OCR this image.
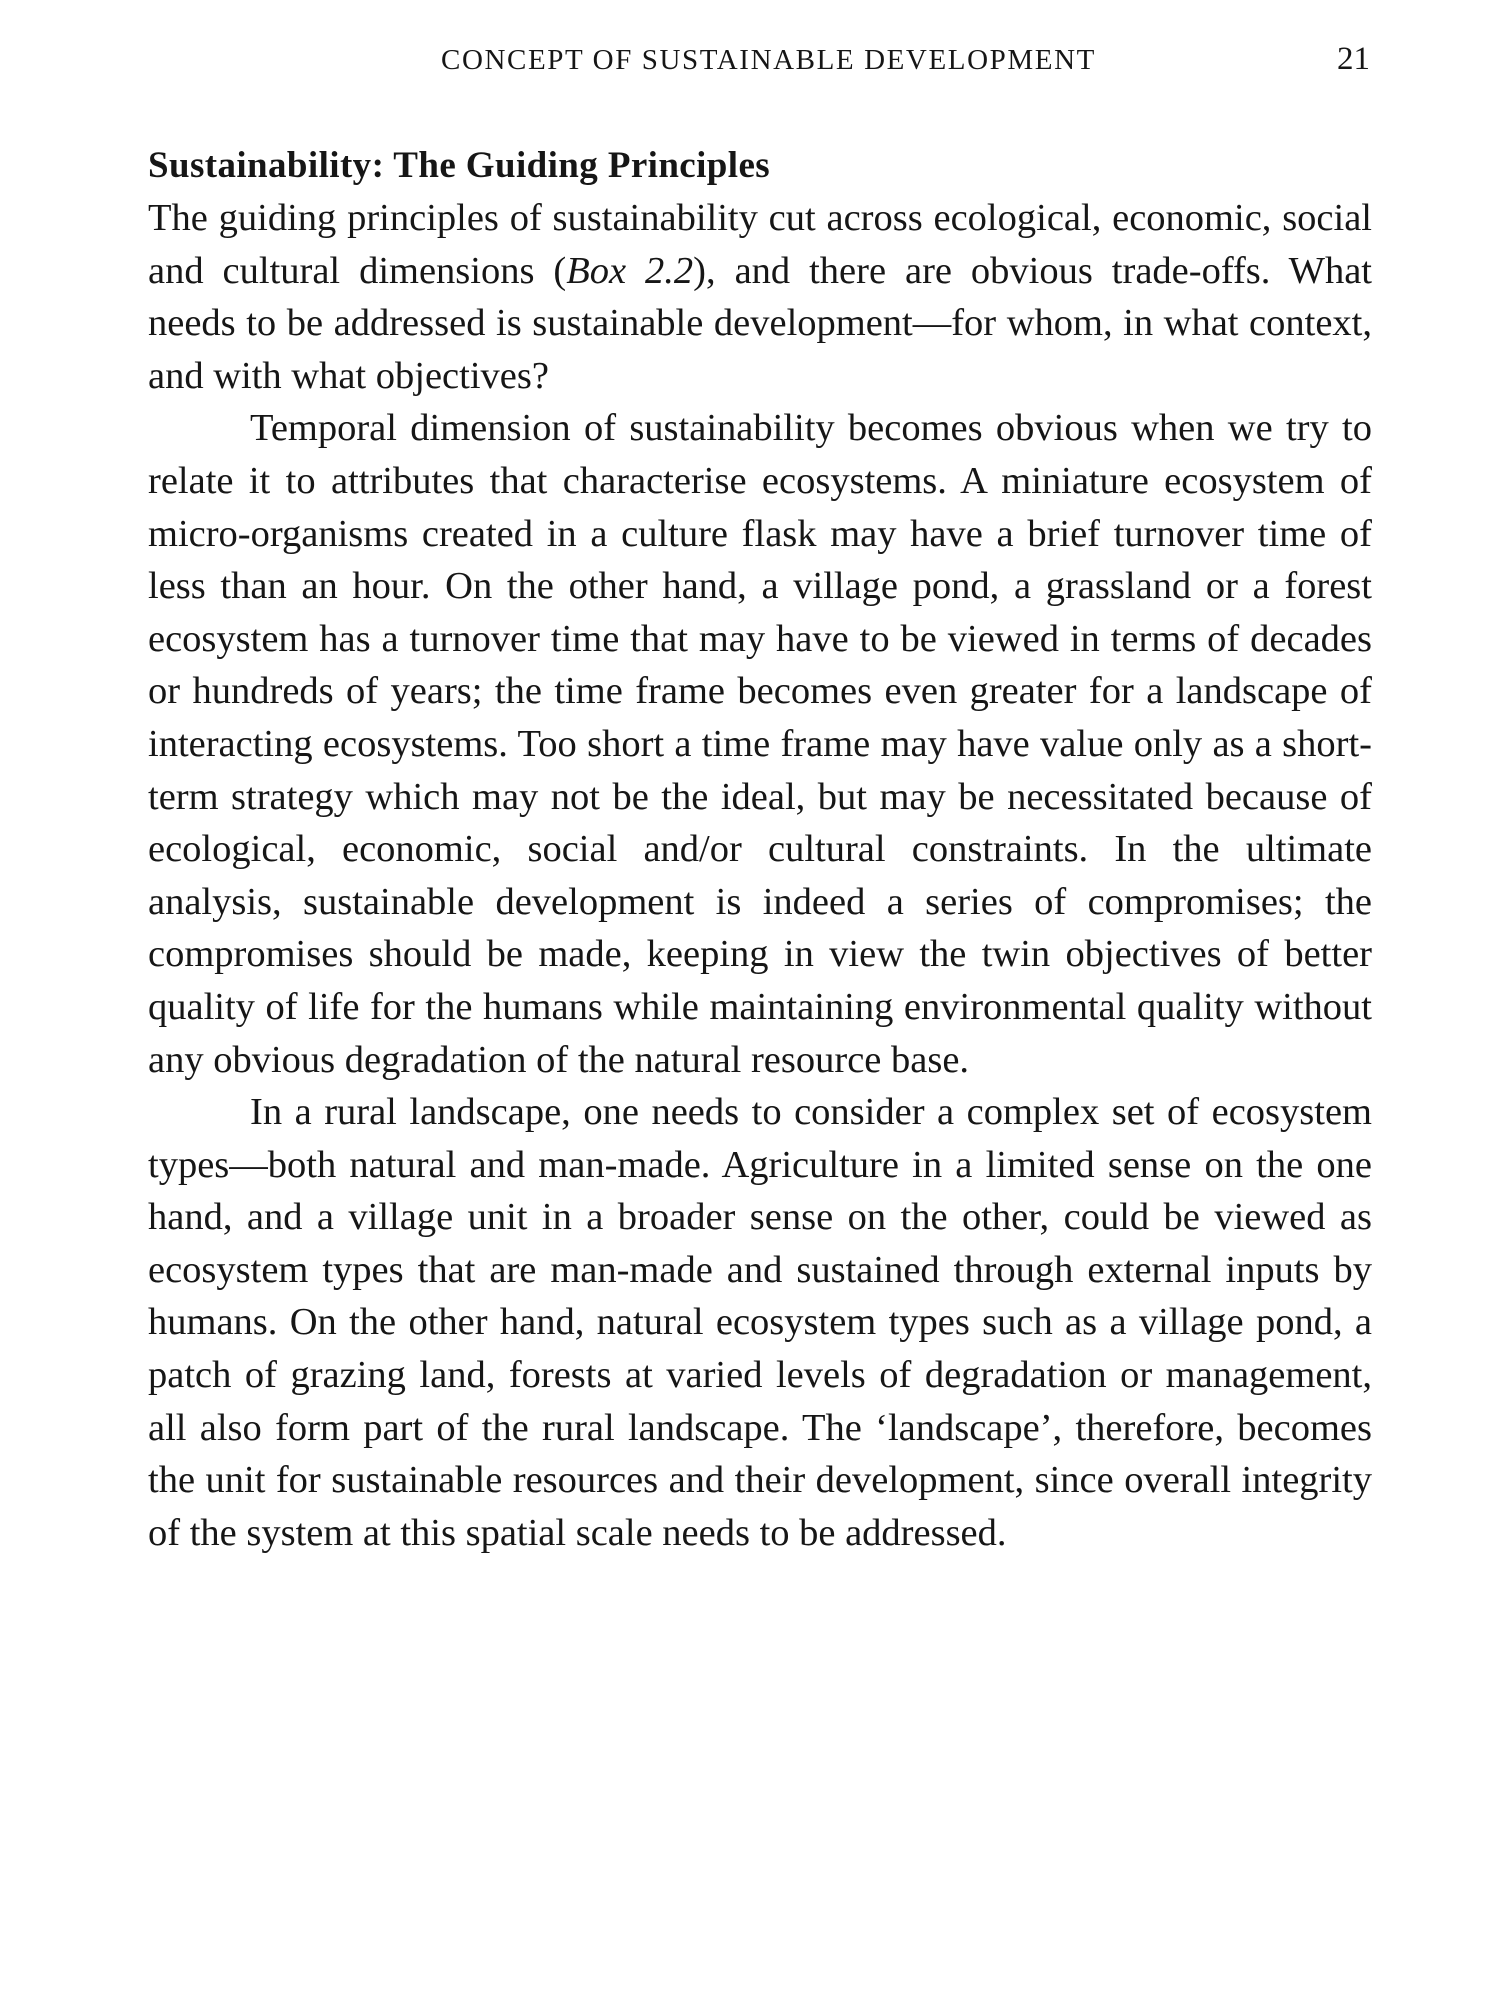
CONCEPT OF SUSTAINABLE DEVELOPMENT	21
Sustainability: The Guiding Principles

The guiding principles of sustainability cut across ecological, economic, social and cultural dimensions (Box 2.2), and there are obvious trade-offs. What needs to be addressed is sustainable development—for whom, in what context, and with what objectives?

Temporal dimension of sustainability becomes obvious when we try to relate it to attributes that characterise ecosystems. A miniature ecosystem of micro-organisms created in a culture flask may have a brief turnover time of less than an hour. On the other hand, a village pond, a grassland or a forest ecosystem has a turnover time that may have to be viewed in terms of decades or hundreds of years; the time frame becomes even greater for a landscape of interacting ecosystems. Too short a time frame may have value only as a short-term strategy which may not be the ideal, but may be necessitated because of ecological, economic, social and/or cultural constraints. In the ultimate analysis, sustainable development is indeed a series of compromises; the compromises should be made, keeping in view the twin objectives of better quality of life for the humans while maintaining environmental quality without any obvious degradation of the natural resource base.

In a rural landscape, one needs to consider a complex set of ecosystem types—both natural and man-made. Agriculture in a limited sense on the one hand, and a village unit in a broader sense on the other, could be viewed as ecosystem types that are man-made and sustained through external inputs by humans. On the other hand, natural ecosystem types such as a village pond, a patch of grazing land, forests at varied levels of degradation or management, all also form part of the rural landscape. The ‘landscape’, therefore, becomes the unit for sustainable resources and their development, since overall integrity of the system at this spatial scale needs to be addressed.
